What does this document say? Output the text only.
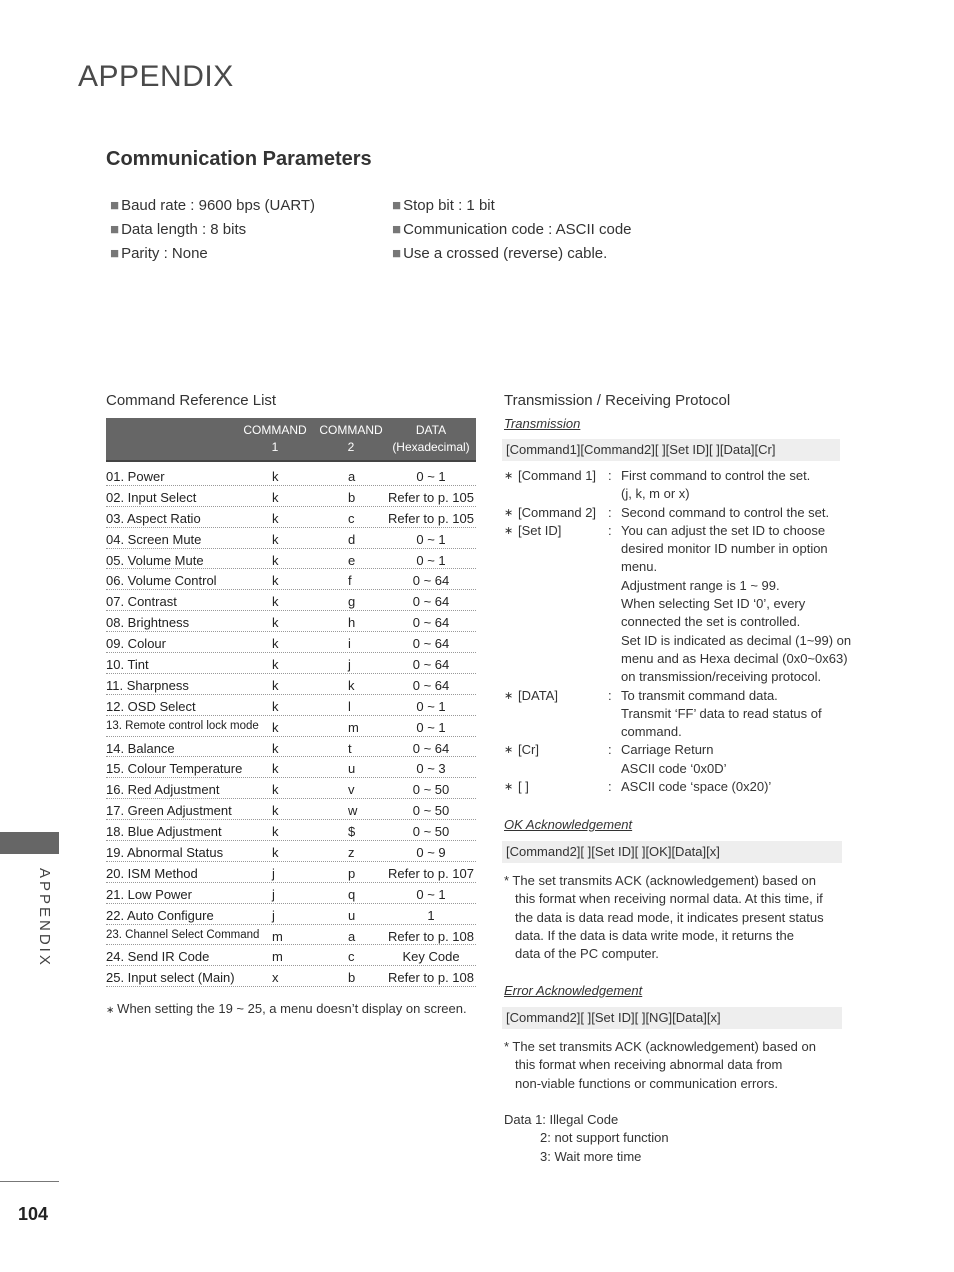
APPENDIX
Communication Parameters
■ Baud rate : 9600 bps (UART)
■ Data length : 8 bits
■ Parity : None
■ Stop bit : 1 bit
■ Communication code : ASCII code
■ Use a crossed (reverse) cable.
APPENDIX
104
Command Reference List
COMMAND
1
COMMAND
2
DATA
(Hexadecimal)
01. Power	k	a	0 ~ 1
02. Input Select	k	b	Refer to p. 105
03. Aspect Ratio	k	c	Refer to p. 105
04. Screen Mute	k	d	0 ~ 1
05. Volume Mute	k	e	0 ~ 1
06. Volume Control	k	f	0 ~ 64
07. Contrast	k	g	0 ~ 64
08. Brightness	k	h	0 ~ 64
09. Colour	k	i	0 ~ 64
10. Tint	k	j	0 ~ 64
11. Sharpness	k	k	0 ~ 64
12. OSD Select	k	l	0 ~ 1
13. Remote control lock mode k	m	0 ~ 1
14. Balance	k	t	0 ~ 64
15. Colour Temperature k	u	0 ~ 3
16. Red Adjustment	k	v	0 ~ 50
17. Green Adjustment	k	w	0 ~ 50
18. Blue Adjustment	k	$	0 ~ 50
19. Abnormal Status	k	z	0 ~ 9
20. ISM Method	j	p	Refer to p. 107
21. Low Power	j	q	0 ~ 1
22. Auto Configure	j	u	1
23. Channel Select Command m	a	Refer to p. 108
24. Send IR Code	m	c	Key Code
25. Input select (Main)	x	b	Refer to p. 108
∗ When setting the 19 ~ 25, a menu doesn’t display on screen.
Transmission / Receiving Protocol
Transmission
[Command1][Command2][ ][Set ID][ ][Data][Cr]
∗ [Command 1] : First command to control the set.
(j, k, m or x)
∗ [Command 2] : Second command to control the set.
∗ [Set ID]	: You can adjust the set ID to choose
desired monitor ID number in option
menu.
Adjustment range is 1 ~ 99.
When selecting Set ID ‘0’, every
connected the set is controlled.
Set ID is indicated as decimal (1~99) on
menu and as Hexa decimal (0x0~0x63)
on transmission/receiving protocol.
∗ [DATA]	: To transmit command data.
Transmit ‘FF’ data to read status of
command.
∗ [Cr]	: Carriage Return
ASCII code ‘0x0D’
∗ [ ]	: ASCII code ‘space (0x20)’
OK Acknowledgement
[Command2][ ][Set ID][ ][OK][Data][x]
* The set transmits ACK (acknowledgement) based on
this format when receiving normal data. At this time, if
the data is data read mode, it indicates present status
data. If the data is data write mode, it returns the
data of the PC computer.
Error Acknowledgement
[Command2][ ][Set ID][ ][NG][Data][x]
* The set transmits ACK (acknowledgement) based on
this format when receiving abnormal data from
non-viable functions or communication errors.
Data 1: Illegal Code
2: not support function
3: Wait more time
